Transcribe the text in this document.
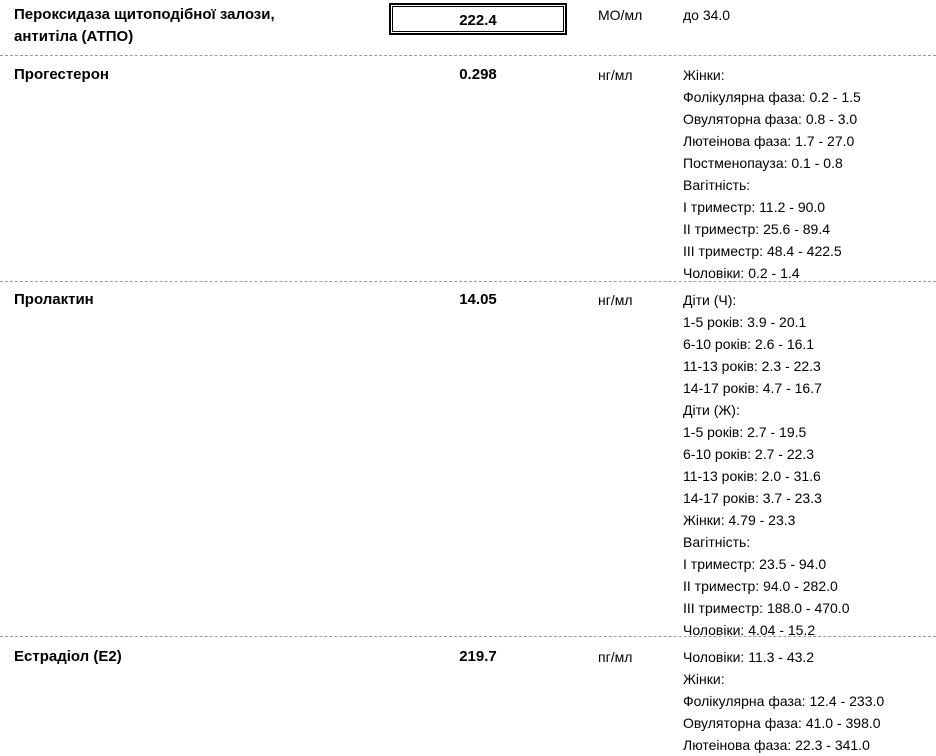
Пероксидаза щитоподібної залози,
антитіла (АТПО)
222.4	МО/мл	до 34.0
Прогестерон	0.298	нг/мл	Жінки:
Фолікулярна фаза: 0.2 - 1.5
Овуляторна фаза: 0.8 - 3.0
Лютеінова фаза: 1.7 - 27.0
Постменопауза: 0.1 - 0.8
Вагітність:
І триместр: 11.2 - 90.0
ІІ триместр: 25.6 - 89.4
ІІІ триместр: 48.4 - 422.5
Чоловіки: 0.2 - 1.4
Пролактин	14.05	нг/мл	Діти (Ч):
1-5 років: 3.9 - 20.1
6-10 років: 2.6 - 16.1
11-13 років: 2.3 - 22.3
14-17 років: 4.7 - 16.7
Діти (Ж):
1-5 років: 2.7 - 19.5
6-10 років: 2.7 - 22.3
11-13 років: 2.0 - 31.6
14-17 років: 3.7 - 23.3
Жінки: 4.79 - 23.3
Вагітність:
І триместр: 23.5 - 94.0
ІІ триместр: 94.0 - 282.0
ІІІ триместр: 188.0 - 470.0
Чоловіки: 4.04 - 15.2
Естрадіол (Е2)	219.7	пг/мл	Чоловіки: 11.3 - 43.2
Жінки:
Фолікулярна фаза: 12.4 - 233.0
Овуляторна фаза: 41.0 - 398.0
Лютеінова фаза: 22.3 - 341.0
